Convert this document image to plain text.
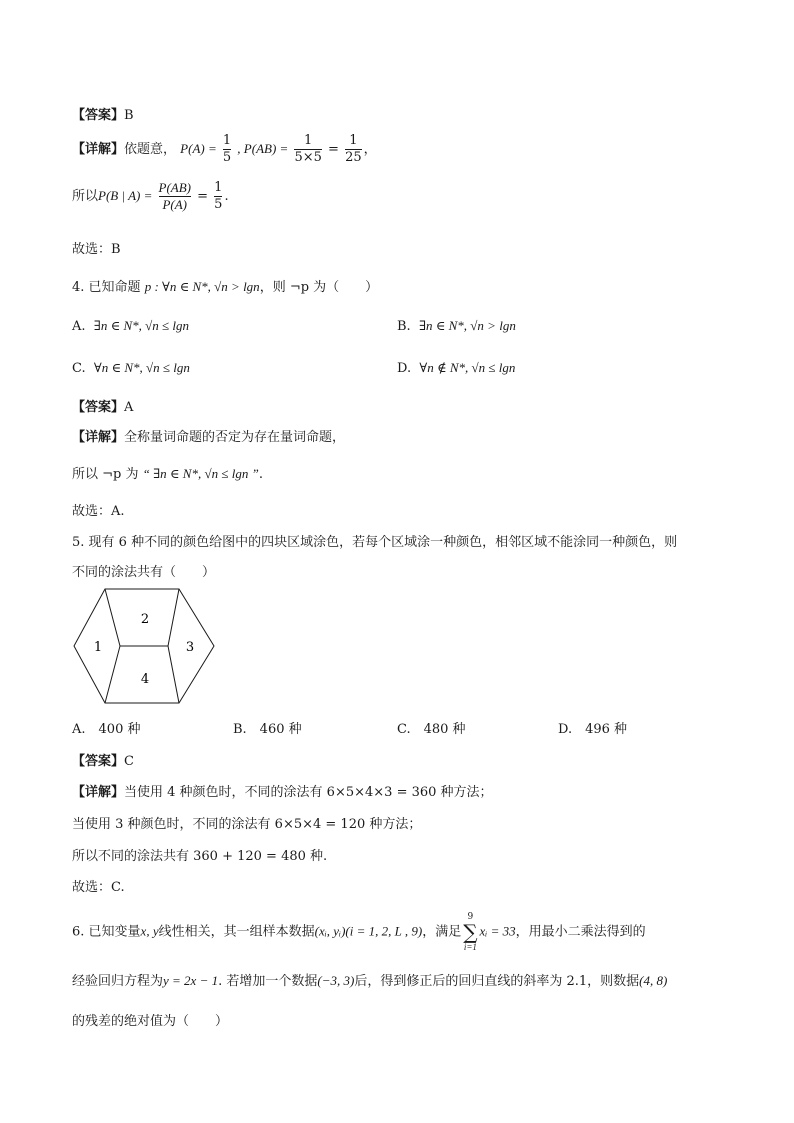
【答案】B
【详解】依题意， $P(A) = \frac{1}{5}$ , $P(AB) = \frac{1}{5\times 5} = \frac{1}{25}$ ，
所以P(B | $A) = \frac{P(AB)}{P(A)} = \frac{1}{5}$ .
故选：B
4. 已知命题 p : ∀n ∈ N*, √n > lgn，则 ¬p 为（　　）
A. ∃n ∈ N*, √n ≤ lgn	B. ∃n ∈ N*, √n > lgn
C. ∀n ∈ N*, √n ≤ lgn	D. ∀n ∉ N*, √n ≤ lgn
【答案】A
【详解】全称量词命题的否定为存在量词命题，
所以 ¬p 为 “ ∃n ∈ N*, √n ≤ lgn ”.
故选：A.
5. 现有 6 种不同的颜色给图中的四块区域涂色，若每个区域涂一种颜色，相邻区域不能涂同一种颜色，则
不同的涂法共有（　　）
1
2
3
4
A.　400 种	B.　460 种	C.　480 种	D.　496 种
【答案】C
【详解】当使用 4 种颜色时，不同的涂法有 6×5×4×3 = 360 种方法；
当使用 3 种颜色时，不同的涂法有 6×5×4 = 120 种方法；
所以不同的涂法共有 360 + 120 = 480 种.
故选：C.
6. 已知变量x, y线性相关，其一组样本数据(xᵢ, yᵢ)(i = 1, 2, L , 9)，满足
9
∑
i=1
xᵢ = 33，用最小二乘法得到的
经验回归方程为y = 2x − 1. 若增加一个数据(−3, 3)后，得到修正后的回归直线的斜率为 2.1，则数据(4, 8)
的残差的绝对值为（　　）
